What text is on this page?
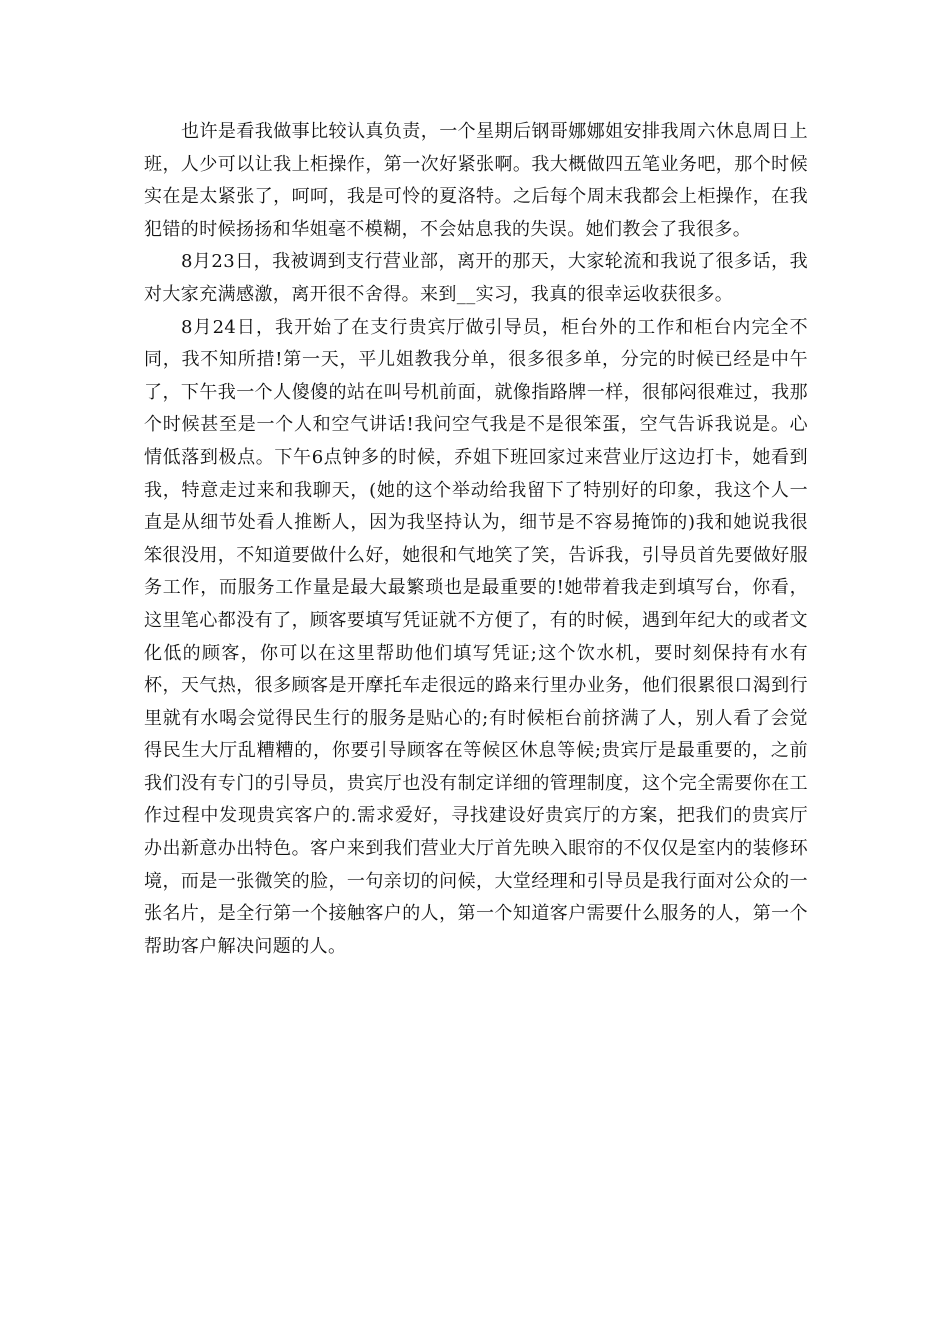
也许是看我做事比较认真负责，一个星期后钢哥娜娜姐安排我周六休息周日上班，人少可以让我上柜操作，第一次好紧张啊。我大概做四五笔业务吧，那个时候实在是太紧张了，呵呵，我是可怜的夏洛特。之后每个周末我都会上柜操作，在我犯错的时候扬扬和华姐毫不模糊，不会姑息我的失误。她们教会了我很多。

8月23日，我被调到支行营业部，离开的那天，大家轮流和我说了很多话，我对大家充满感激，离开很不舍得。来到__实习，我真的很幸运收获很多。

8月24日，我开始了在支行贵宾厅做引导员，柜台外的工作和柜台内完全不同，我不知所措!第一天，平儿姐教我分单，很多很多单，分完的时候已经是中午了，下午我一个人傻傻的站在叫号机前面，就像指路牌一样，很郁闷很难过，我那个时候甚至是一个人和空气讲话!我问空气我是不是很笨蛋，空气告诉我说是。心情低落到极点。下午6点钟多的时候，乔姐下班回家过来营业厅这边打卡，她看到我，特意走过来和我聊天，(她的这个举动给我留下了特别好的印象，我这个人一直是从细节处看人推断人，因为我坚持认为，细节是不容易掩饰的)我和她说我很笨很没用，不知道要做什么好，她很和气地笑了笑，告诉我，引导员首先要做好服务工作，而服务工作量是最大最繁琐也是最重要的!她带着我走到填写台，你看，这里笔心都没有了，顾客要填写凭证就不方便了，有的时候，遇到年纪大的或者文化低的顾客，你可以在这里帮助他们填写凭证;这个饮水机，要时刻保持有水有杯，天气热，很多顾客是开摩托车走很远的路来行里办业务，他们很累很口渴到行里就有水喝会觉得民生行的服务是贴心的;有时候柜台前挤满了人，别人看了会觉得民生大厅乱糟糟的，你要引导顾客在等候区休息等候;贵宾厅是最重要的，之前我们没有专门的引导员，贵宾厅也没有制定详细的管理制度，这个完全需要你在工作过程中发现贵宾客户的.需求爱好，寻找建设好贵宾厅的方案，把我们的贵宾厅办出新意办出特色。客户来到我们营业大厅首先映入眼帘的不仅仅是室内的装修环境，而是一张微笑的脸，一句亲切的问候，大堂经理和引导员是我行面对公众的一张名片，是全行第一个接触客户的人，第一个知道客户需要什么服务的人，第一个帮助客户解决问题的人。
